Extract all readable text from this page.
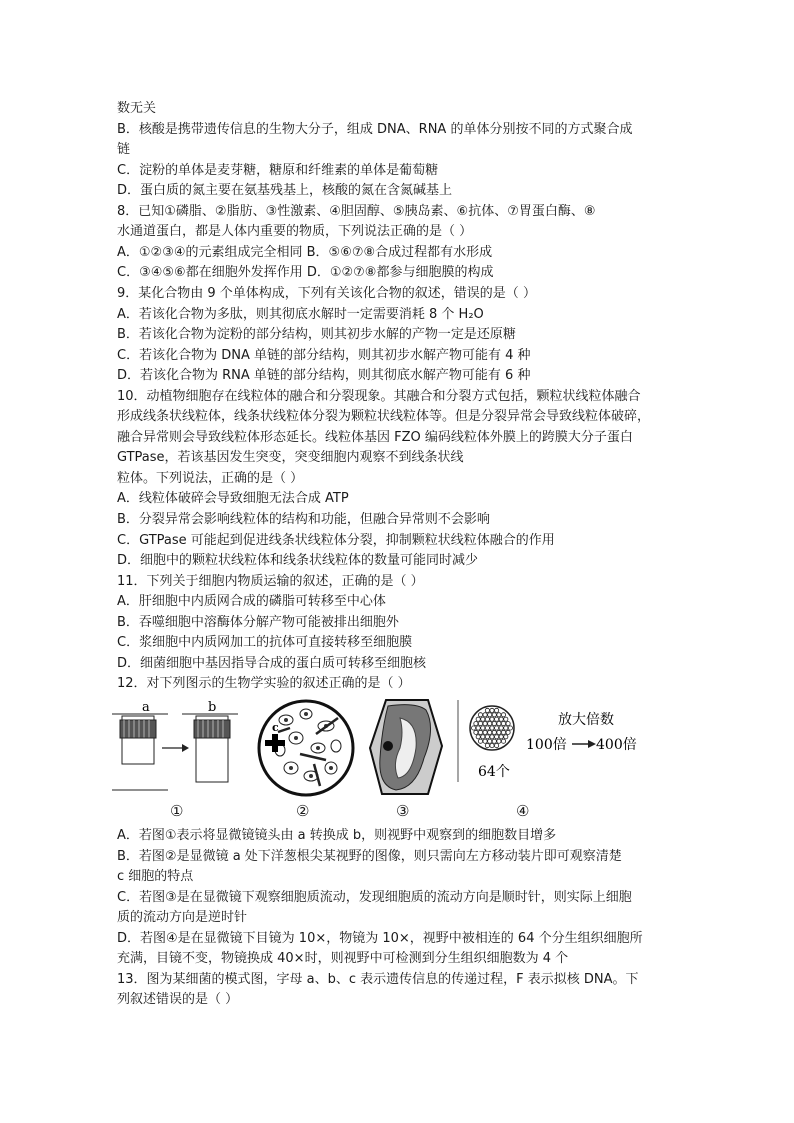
数无关
B．核酸是携带遗传信息的生物大分子，组成 DNA、RNA 的单体分别按不同的方式聚合成
链
C．淀粉的单体是麦芽糖，糖原和纤维素的单体是葡萄糖
D．蛋白质的氮主要在氨基残基上，核酸的氮在含氮碱基上
8．已知①磷脂、②脂肪、③性激素、④胆固醇、⑤胰岛素、⑥抗体、⑦胃蛋白酶、⑧
水通道蛋白，都是人体内重要的物质，下列说法正确的是（ ）
A．①②③④的元素组成完全相同 B．⑤⑥⑦⑧合成过程都有水形成
C．③④⑤⑥都在细胞外发挥作用 D．①②⑦⑧都参与细胞膜的构成
9．某化合物由 9 个单体构成，下列有关该化合物的叙述，错误的是（ ）
A．若该化合物为多肽，则其彻底水解时一定需要消耗 8 个 H₂O
B．若该化合物为淀粉的部分结构，则其初步水解的产物一定是还原糖
C．若该化合物为 DNA 单链的部分结构，则其初步水解产物可能有 4 种
D．若该化合物为 RNA 单链的部分结构，则其彻底水解产物可能有 6 种
10．动植物细胞存在线粒体的融合和分裂现象。其融合和分裂方式包括，颗粒状线粒体融合
形成线条状线粒体，线条状线粒体分裂为颗粒状线粒体等。但是分裂异常会导致线粒体破碎，
融合异常则会导致线粒体形态延长。线粒体基因 FZO 编码线粒体外膜上的跨膜大分子蛋白
GTPase，若该基因发生突变，突变细胞内观察不到线条状线
粒体。下列说法，正确的是（ ）
A．线粒体破碎会导致细胞无法合成 ATP
B．分裂异常会影响线粒体的结构和功能，但融合异常则不会影响
C．GTPase 可能起到促进线条状线粒体分裂，抑制颗粒状线粒体融合的作用
D．细胞中的颗粒状线粒体和线条状线粒体的数量可能同时减少
11．下列关于细胞内物质运输的叙述，正确的是（ ）
A．肝细胞中内质网合成的磷脂可转移至中心体
B．吞噬细胞中溶酶体分解产物可能被排出细胞外
C．浆细胞中内质网加工的抗体可直接转移至细胞膜
D．细菌细胞中基因指导合成的蛋白质可转移至细胞核
12．对下列图示的生物学实验的叙述正确的是（ ）
A．若图①表示将显微镜镜头由 a 转换成 b，则视野中观察到的细胞数目增多
B．若图②是显微镜 a 处下洋葱根尖某视野的图像，则只需向左方移动装片即可观察清楚
c 细胞的特点
C．若图③是在显微镜下观察细胞质流动，发现细胞质的流动方向是顺时针，则实际上细胞
质的流动方向是逆时针
D．若图④是在显微镜下目镜为 10×，物镜为 10×，视野中被相连的 64 个分生组织细胞所
充满，目镜不变，物镜换成 40×时，则视野中可检测到分生组织细胞数为 4 个
13．图为某细菌的模式图，字母 a、b、c 表示遗传信息的传递过程，F 表示拟核 DNA。下
列叙述错误的是（ ）
a	b
①
c
②	③
放大倍数
100倍 400倍
64个
④
